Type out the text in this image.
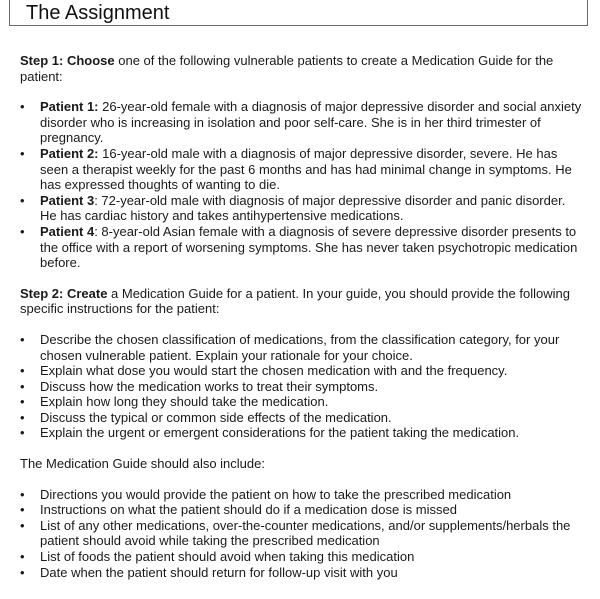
The Assignment

Step 1: Choose one of the following vulnerable patients to create a Medication Guide for the patient:

• Patient 1: 26-year-old female with a diagnosis of major depressive disorder and social anxiety disorder who is increasing in isolation and poor self-care. She is in her third trimester of pregnancy.
• Patient 2: 16-year-old male with a diagnosis of major depressive disorder, severe. He has seen a therapist weekly for the past 6 months and has had minimal change in symptoms. He has expressed thoughts of wanting to die.
• Patient 3: 72-year-old male with diagnosis of major depressive disorder and panic disorder. He has cardiac history and takes antihypertensive medications.
• Patient 4: 8-year-old Asian female with a diagnosis of severe depressive disorder presents to the office with a report of worsening symptoms. She has never taken psychotropic medication before.

Step 2: Create a Medication Guide for a patient. In your guide, you should provide the following specific instructions for the patient:

• Describe the chosen classification of medications, from the classification category, for your chosen vulnerable patient. Explain your rationale for your choice.
• Explain what dose you would start the chosen medication with and the frequency.
• Discuss how the medication works to treat their symptoms.
• Explain how long they should take the medication.
• Discuss the typical or common side effects of the medication.
• Explain the urgent or emergent considerations for the patient taking the medication.

The Medication Guide should also include:

• Directions you would provide the patient on how to take the prescribed medication
• Instructions on what the patient should do if a medication dose is missed
• List of any other medications, over-the-counter medications, and/or supplements/herbals the patient should avoid while taking the prescribed medication
• List of foods the patient should avoid when taking this medication
• Date when the patient should return for follow-up visit with you
